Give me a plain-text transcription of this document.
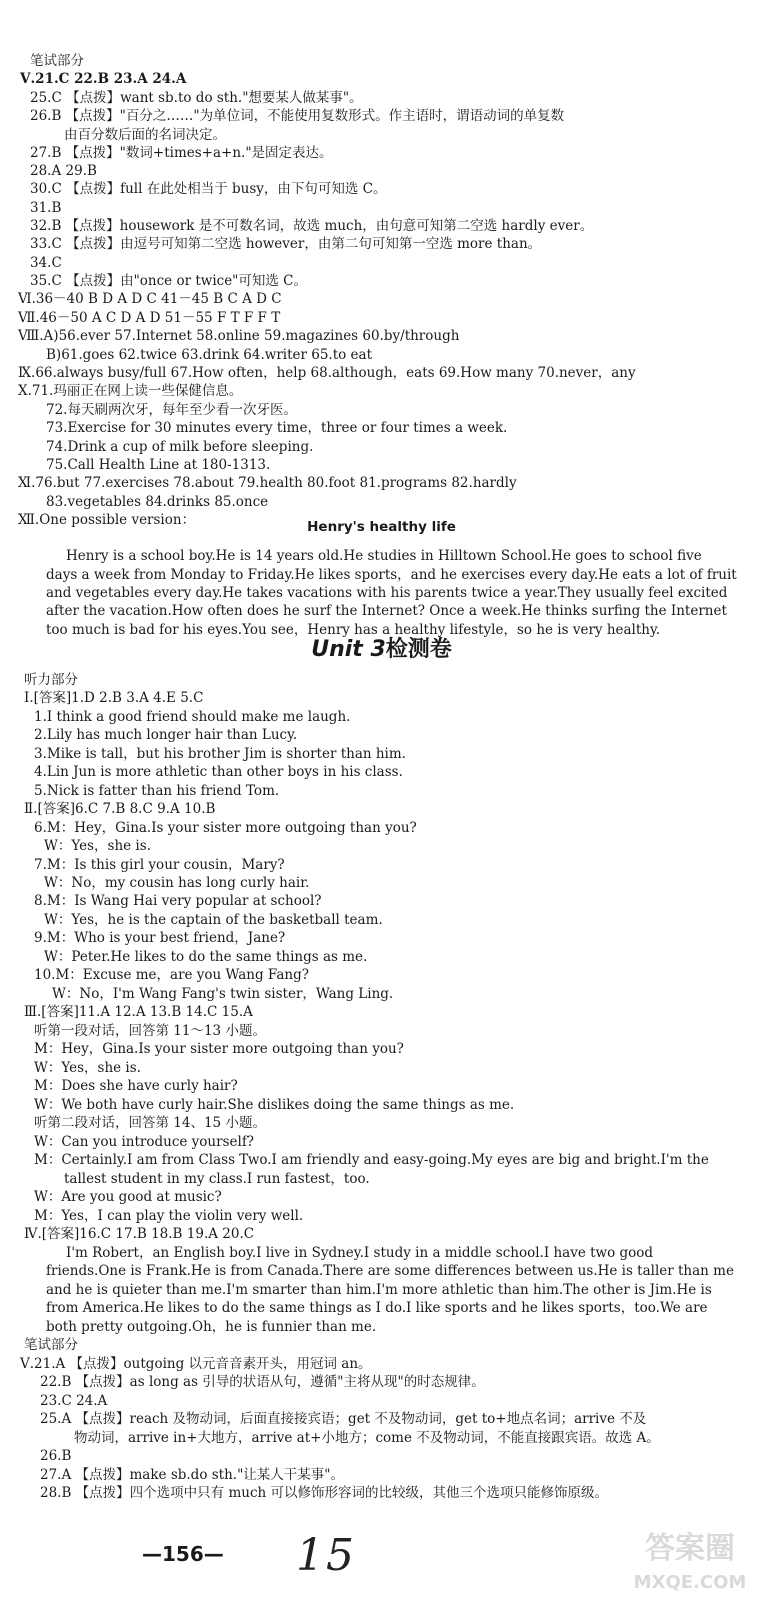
笔试部分
Ⅴ.21.C 22.B 23.A 24.A
25.C 【点拨】want sb.to do sth."想要某人做某事"。
26.B 【点拨】"百分之……"为单位词，不能使用复数形式。作主语时，谓语动词的单复数
由百分数后面的名词决定。
27.B 【点拨】"数词+times+a+n."是固定表达。
28.A 29.B
30.C 【点拨】full 在此处相当于 busy，由下句可知选 C。
31.B
32.B 【点拨】housework 是不可数名词，故选 much，由句意可知第二空选 hardly ever。
33.C 【点拨】由逗号可知第二空选 however，由第二句可知第一空选 more than。
34.C
35.C 【点拨】由"once or twice"可知选 C。
Ⅵ.36－40 B D A D C 41－45 B C A D C
Ⅶ.46－50 A C D A D 51－55 F T F F T
Ⅷ.A)56.ever 57.Internet 58.online 59.magazines 60.by/through
B)61.goes 62.twice 63.drink 64.writer 65.to eat
Ⅸ.66.always busy/full 67.How often，help 68.although，eats 69.How many 70.never，any
Ⅹ.71.玛丽正在网上读一些保健信息。
72.每天刷两次牙，每年至少看一次牙医。
73.Exercise for 30 minutes every time，three or four times a week.
74.Drink a cup of milk before sleeping.
75.Call Health Line at 180-1313.
Ⅺ.76.but 77.exercises 78.about 79.health 80.foot 81.programs 82.hardly
83.vegetables 84.drinks 85.once
Ⅻ.One possible version：
Henry is a school boy.He is 14 years old.He studies in Hilltown School.He goes to school five
days a week from Monday to Friday.He likes sports，and he exercises every day.He eats a lot of fruit
and vegetables every day.He takes vacations with his parents twice a year.They usually feel excited
after the vacation.How often does he surf the Internet? Once a week.He thinks surfing the Internet
too much is bad for his eyes.You see，Henry has a healthy lifestyle，so he is very healthy.
听力部分
Ⅰ.[答案]1.D 2.B 3.A 4.E 5.C
1.I think a good friend should make me laugh.
2.Lily has much longer hair than Lucy.
3.Mike is tall，but his brother Jim is shorter than him.
4.Lin Jun is more athletic than other boys in his class.
5.Nick is fatter than his friend Tom.
Ⅱ.[答案]6.C 7.B 8.C 9.A 10.B
6.M：Hey，Gina.Is your sister more outgoing than you?
W：Yes，she is.
7.M：Is this girl your cousin，Mary?
W：No，my cousin has long curly hair.
8.M：Is Wang Hai very popular at school?
W：Yes，he is the captain of the basketball team.
9.M：Who is your best friend，Jane?
W：Peter.He likes to do the same things as me.
10.M：Excuse me，are you Wang Fang?
W：No，I'm Wang Fang's twin sister，Wang Ling.
Ⅲ.[答案]11.A 12.A 13.B 14.C 15.A
听第一段对话，回答第 11～13 小题。
M：Hey，Gina.Is your sister more outgoing than you?
W：Yes，she is.
M：Does she have curly hair?
W：We both have curly hair.She dislikes doing the same things as me.
听第二段对话，回答第 14、15 小题。
W：Can you introduce yourself?
M：Certainly.I am from Class Two.I am friendly and easy-going.My eyes are big and bright.I'm the
tallest student in my class.I run fastest，too.
W：Are you good at music?
M：Yes，I can play the violin very well.
Ⅳ.[答案]16.C 17.B 18.B 19.A 20.C
I'm Robert，an English boy.I live in Sydney.I study in a middle school.I have two good
friends.One is Frank.He is from Canada.There are some differences between us.He is taller than me
and he is quieter than me.I'm smarter than him.I'm more athletic than him.The other is Jim.He is
from America.He likes to do the same things as I do.I like sports and he likes sports，too.We are
both pretty outgoing.Oh，he is funnier than me.
笔试部分
Ⅴ.21.A 【点拨】outgoing 以元音音素开头，用冠词 an。
22.B 【点拨】as long as 引导的状语从句，遵循"主将从现"的时态规律。
23.C 24.A
25.A 【点拨】reach 及物动词，后面直接接宾语；get 不及物动词，get to+地点名词；arrive 不及
物动词，arrive in+大地方，arrive at+小地方；come 不及物动词，不能直接跟宾语。故选 A。
26.B
27.A 【点拨】make sb.do sth."让某人干某事"。
28.B 【点拨】四个选项中只有 much 可以修饰形容词的比较级，其他三个选项只能修饰原级。
Henry's healthy life
Unit 3检测卷
—156— 15	答案圈
MXQE.COM
